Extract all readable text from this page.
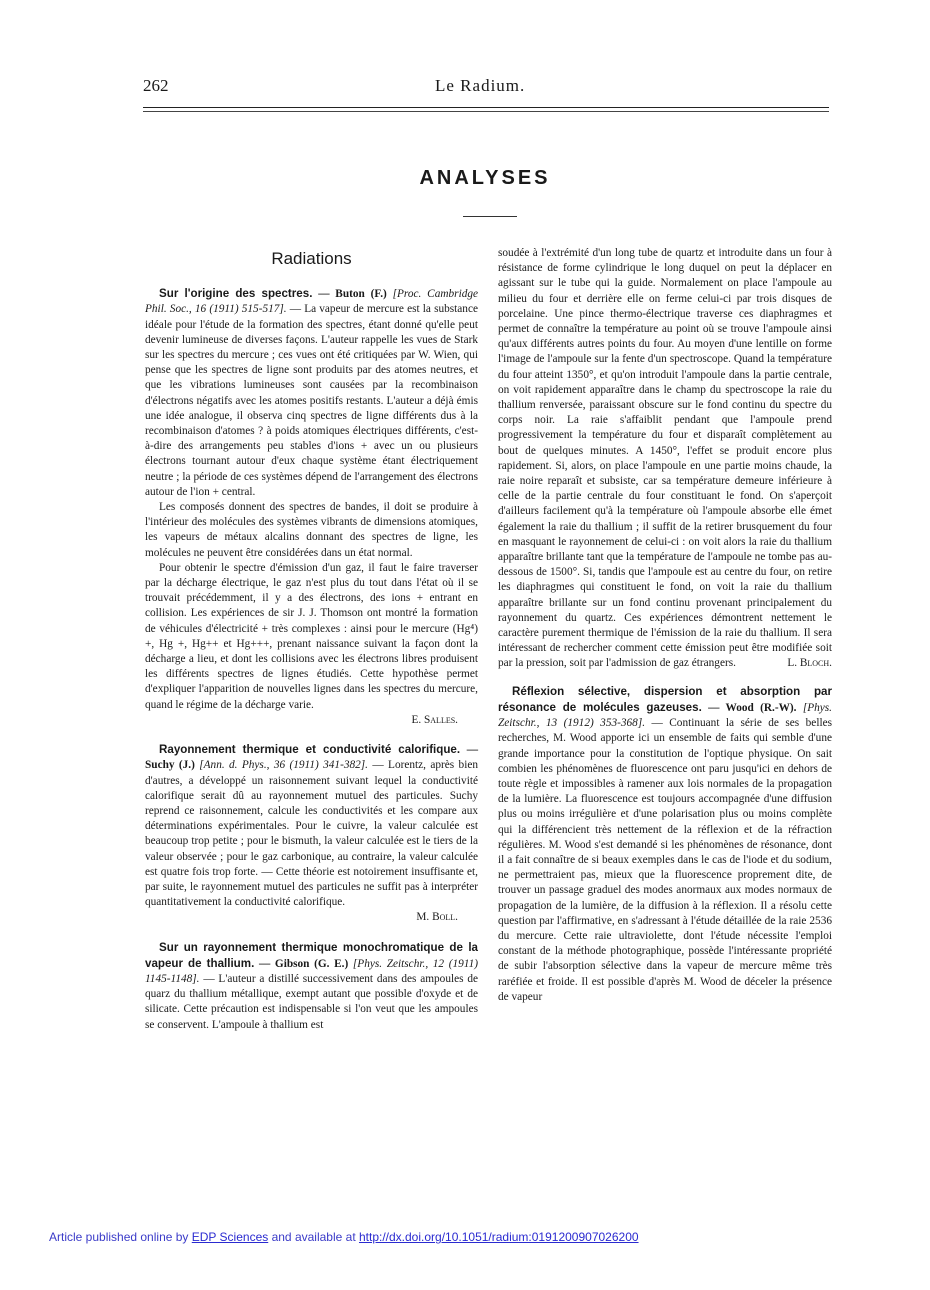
262	Le Radium.
ANALYSES
Radiations

Sur l'origine des spectres. — Buton (F.) [Proc. Cambridge Phil. Soc., 16 (1911) 515-517]. — La vapeur de mercure est la substance idéale pour l'étude de la formation des spectres, étant donné qu'elle peut devenir lumineuse de diverses façons. L'auteur rappelle les vues de Stark sur les spectres du mercure ; ces vues ont été critiquées par W. Wien, qui pense que les spectres de ligne sont produits par des atomes neutres, et que les vibrations lumineuses sont causées par la recombinaison d'électrons négatifs avec les atomes positifs restants. L'auteur a déjà émis une idée analogue, il observa cinq spectres de ligne différents dus à la recombinaison d'atomes ? à poids atomiques électriques différents, c'est-à-dire des arrangements peu stables d'ions + avec un ou plusieurs électrons tournant autour d'eux chaque système étant électriquement neutre ; la période de ces systèmes dépend de l'arrangement des électrons autour de l'ion + central.

Les composés donnent des spectres de bandes, il doit se produire à l'intérieur des molécules des systèmes vibrants de dimensions atomiques, les vapeurs de métaux alcalins donnant des spectres de ligne, les molécules ne peuvent être considérées dans un état normal.

Pour obtenir le spectre d'émission d'un gaz, il faut le faire traverser par la décharge électrique, le gaz n'est plus du tout dans l'état où il se trouvait précédemment, il y a des électrons, des ions + entrant en collision. Les expériences de sir J. J. Thomson ont montré la formation de véhicules d'électricité + très complexes : ainsi pour le mercure (Hg⁴) +, Hg +, Hg++ et Hg+++, prenant naissance suivant la façon dont la décharge a lieu, et dont les collisions avec les électrons libres produisent les différents spectres de lignes étudiés. Cette hypothèse permet d'expliquer l'apparition de nouvelles lignes dans les spectres du mercure, quand le régime de la décharge varie.

E. Salles.

Rayonnement thermique et conductivité calorifique. — Suchy (J.) [Ann. d. Phys., 36 (1911) 341-382]. — Lorentz, après bien d'autres, a développé un raisonnement suivant lequel la conductivité calorifique serait dû au rayonnement mutuel des particules. Suchy reprend ce raisonnement, calcule les conductivités et les compare aux déterminations expérimentales. Pour le cuivre, la valeur calculée est beaucoup trop petite ; pour le bismuth, la valeur calculée est le tiers de la valeur observée ; pour le gaz carbonique, au contraire, la valeur calculée est quatre fois trop forte. — Cette théorie est notoirement insuffisante et, par suite, le rayonnement mutuel des particules ne suffit pas à interpréter quantitativement la conductivité calorifique.

M. Boll.

Sur un rayonnement thermique monochromatique de la vapeur de thallium. — Gibson (G. E.) [Phys. Zeitschr., 12 (1911) 1145-1148]. — L'auteur a distillé successivement dans des ampoules de quarz du thallium métallique, exempt autant que possible d'oxyde et de silicate. Cette précaution est indispensable si l'on veut que les ampoules se conservent. L'ampoule à thallium est

soudée à l'extrémité d'un long tube de quartz et introduite dans un four à résistance de forme cylindrique le long duquel on peut la déplacer en agissant sur le tube qui la guide. Normalement on place l'ampoule au milieu du four et derrière elle on ferme celui-ci par trois disques de porcelaine. Une pince thermo-électrique traverse ces diaphragmes et permet de connaître la température au point où se trouve l'ampoule ainsi qu'aux différents autres points du four. Au moyen d'une lentille on forme l'image de l'ampoule sur la fente d'un spectroscope. Quand la température du four atteint 1350°, et qu'on introduit l'ampoule dans la partie centrale, on voit rapidement apparaître dans le champ du spectroscope la raie du thallium renversée, paraissant obscure sur le fond continu du spectre du corps noir. La raie s'affaiblit pendant que l'ampoule prend progressivement la température du four et disparaît complètement au bout de quelques minutes. A 1450°, l'effet se produit encore plus rapidement. Si, alors, on place l'ampoule en une partie moins chaude, la raie noire reparaît et subsiste, car sa température demeure inférieure à celle de la partie centrale du four constituant le fond. On s'aperçoit d'ailleurs facilement qu'à la température où l'ampoule absorbe elle émet également la raie du thallium ; il suffit de la retirer brusquement du four en masquant le rayonnement de celui-ci : on voit alors la raie du thallium apparaître brillante tant que la température de l'ampoule ne tombe pas au-dessous de 1500°. Si, tandis que l'ampoule est au centre du four, on retire les diaphragmes qui constituent le fond, on voit la raie du thallium apparaître brillante sur un fond continu provenant principalement du rayonnement du quartz. Ces expériences démontrent nettement le caractère purement thermique de l'émission de la raie du thallium. Il sera intéressant de rechercher comment cette émission peut être modifiée soit par la pression, soit par l'admission de gaz étrangers.	L. Bloch.

Réflexion sélective, dispersion et absorption par résonance de molécules gazeuses. — Wood (R.-W). [Phys. Zeitschr., 13 (1912) 353-368]. — Continuant la série de ses belles recherches, M. Wood apporte ici un ensemble de faits qui semble d'une grande importance pour la constitution de l'optique physique. On sait combien les phénomènes de fluorescence ont paru jusqu'ici en dehors de toute règle et impossibles à ramener aux lois normales de la propagation de la lumière. La fluorescence est toujours accompagnée d'une diffusion plus ou moins irrégulière et d'une polarisation plus ou moins complète qui la différencient très nettement de la réflexion et de la réfraction régulières. M. Wood s'est demandé si les phénomènes de résonance, dont il a fait connaître de si beaux exemples dans le cas de l'iode et du sodium, ne permettraient pas, mieux que la fluorescence proprement dite, de trouver un passage graduel des modes anormaux aux modes normaux de propagation de la lumière, de la diffusion à la réflexion. Il a résolu cette question par l'affirmative, en s'adressant à l'étude détaillée de la raie 2536 du mercure. Cette raie ultraviolette, dont l'étude nécessite l'emploi constant de la méthode photographique, possède l'intéressante propriété de subir l'absorption sélective dans la vapeur de mercure même très raréfiée et froide. Il est possible d'après M. Wood de déceler la présence de vapeur

Article published online by EDP Sciences and available at http://dx.doi.org/10.1051/radium:0191200907026200
